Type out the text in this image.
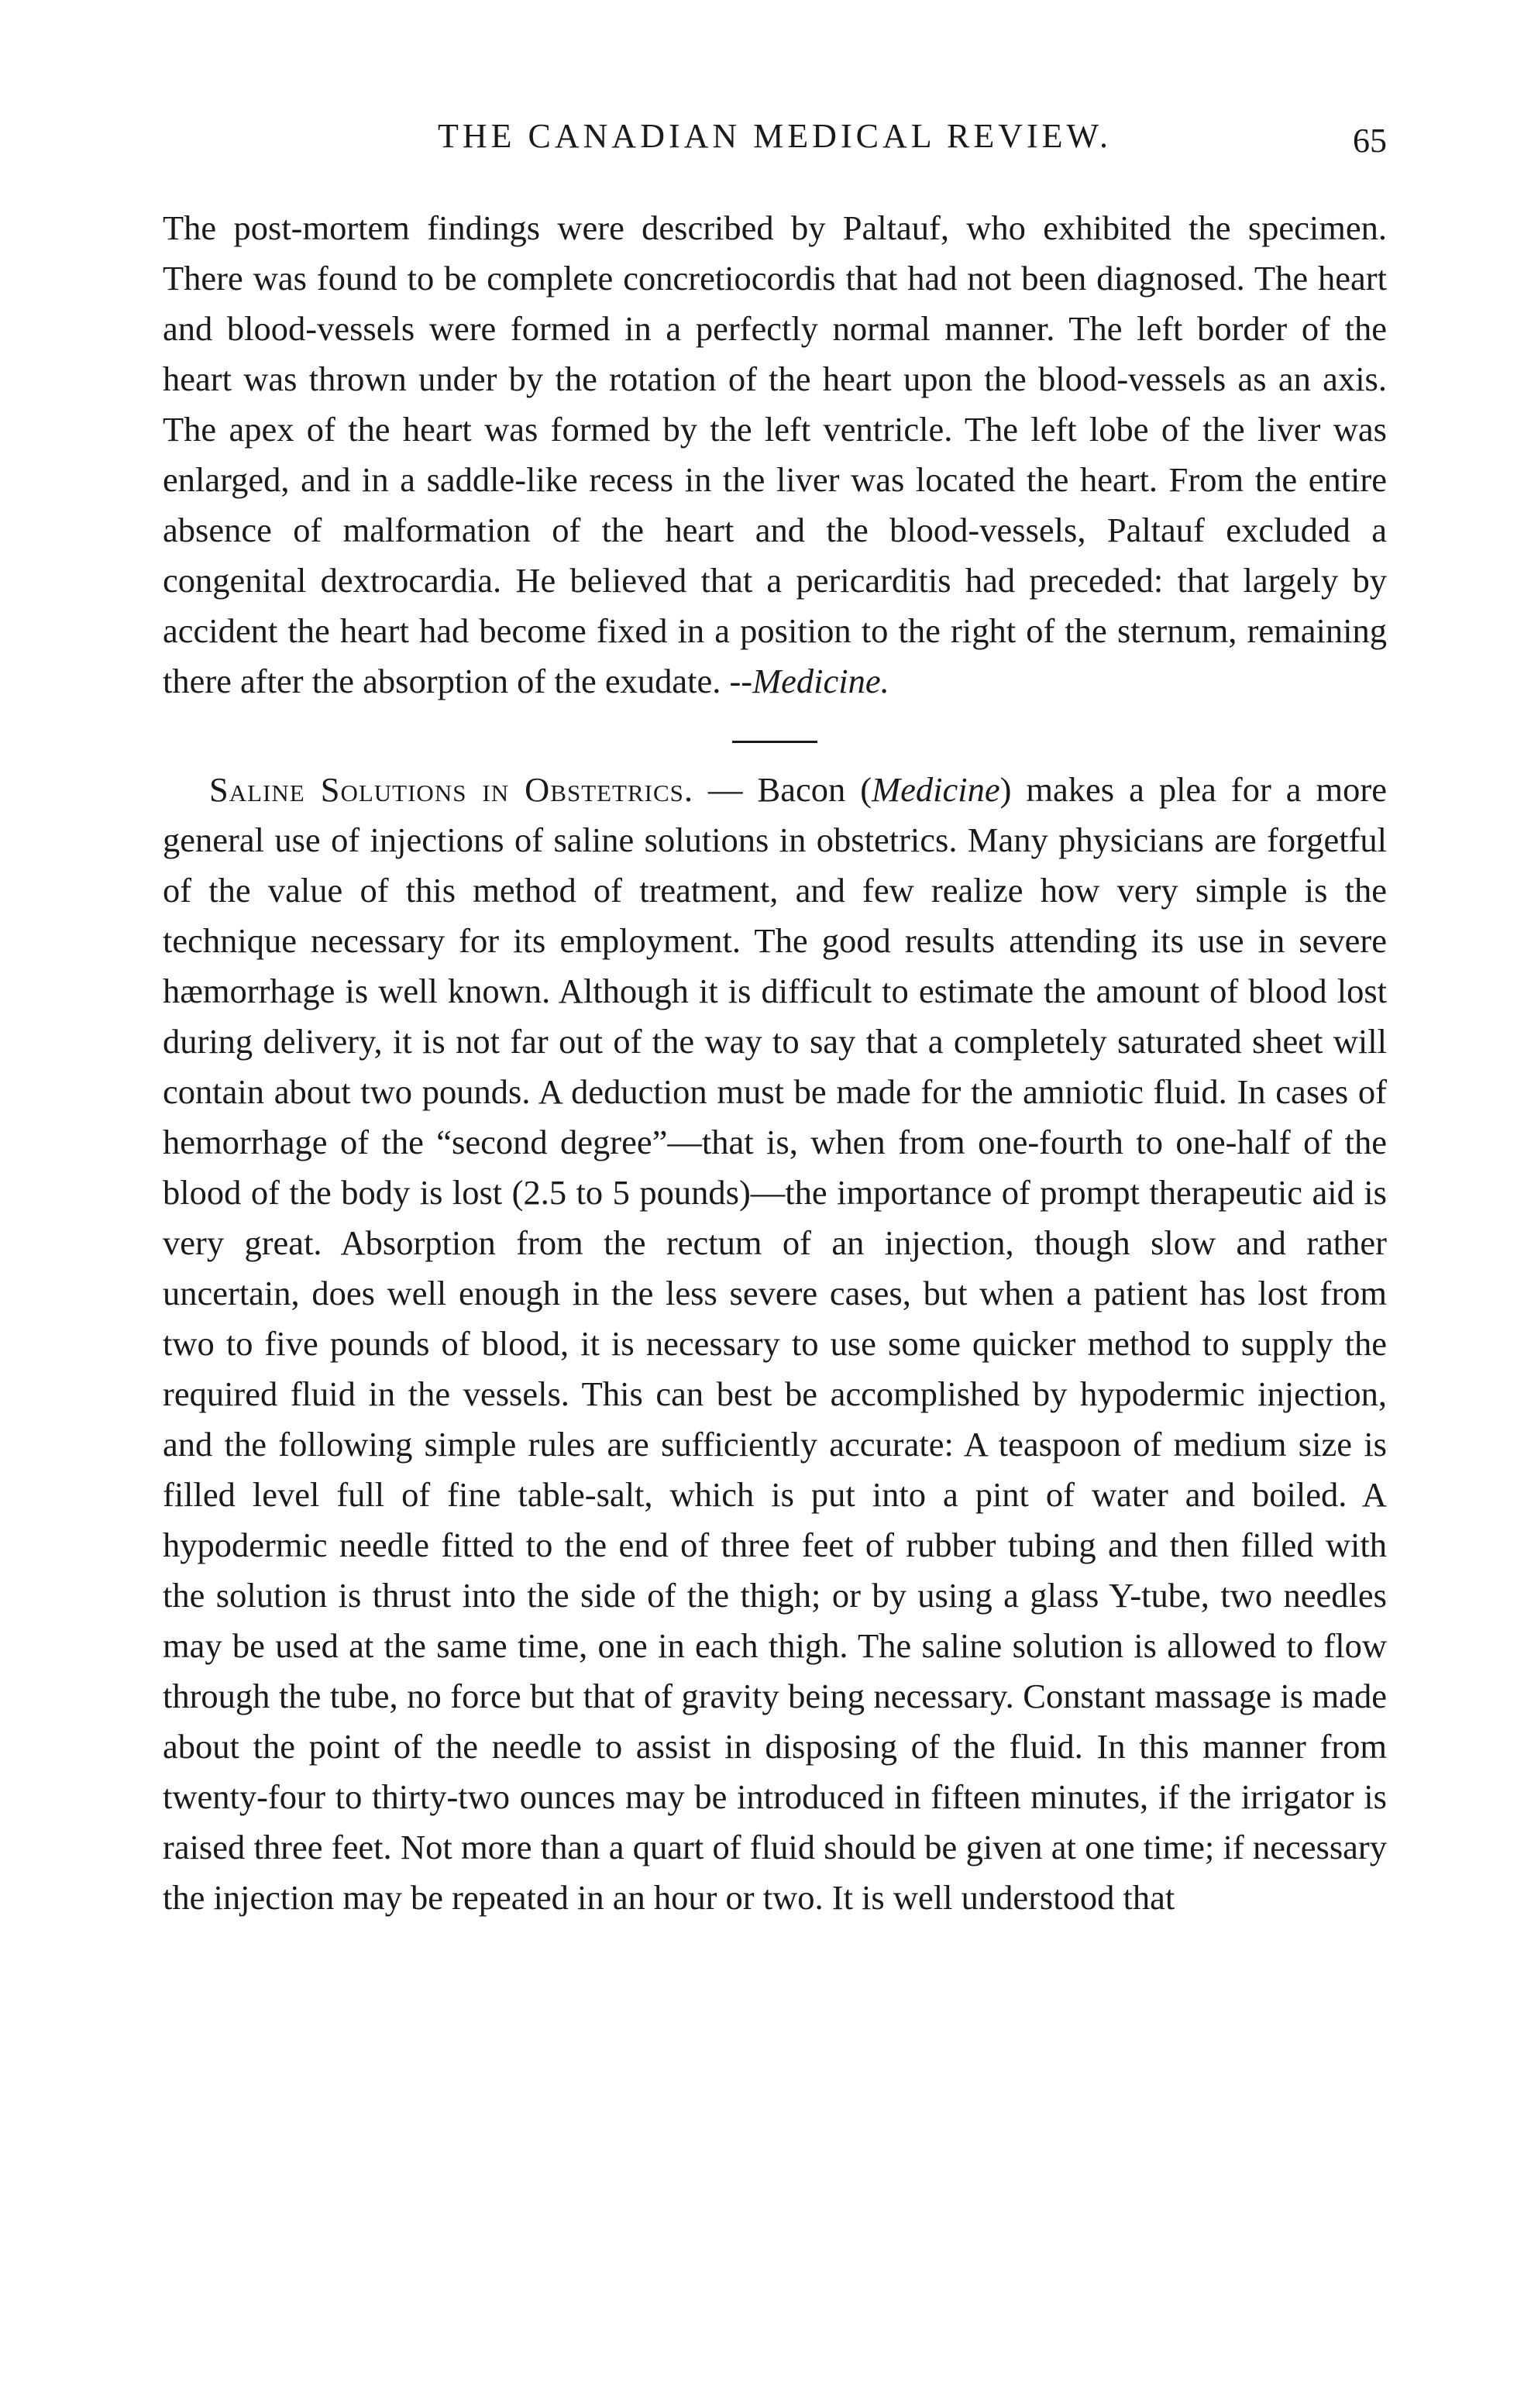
THE CANADIAN MEDICAL REVIEW.	65

The post-mortem findings were described by Paltauf, who exhibited the specimen. There was found to be complete concretiocordis that had not been diagnosed. The heart and blood-vessels were formed in a perfectly normal manner. The left border of the heart was thrown under by the rotation of the heart upon the blood-vessels as an axis. The apex of the heart was formed by the left ventricle. The left lobe of the liver was enlarged, and in a saddle-like recess in the liver was located the heart. From the entire absence of malformation of the heart and the blood-vessels, Paltauf excluded a congenital dextrocardia. He believed that a pericarditis had preceded: that largely by accident the heart had become fixed in a position to the right of the sternum, remaining there after the absorption of the exudate. --Medicine.

Saline Solutions in Obstetrics. — Bacon (Medicine) makes a plea for a more general use of injections of saline solutions in obstetrics. Many physicians are forgetful of the value of this method of treatment, and few realize how very simple is the technique necessary for its employment. The good results attending its use in severe hæmorrhage is well known. Although it is difficult to estimate the amount of blood lost during delivery, it is not far out of the way to say that a completely saturated sheet will contain about two pounds. A deduction must be made for the amniotic fluid. In cases of hemorrhage of the “second degree”—that is, when from one-fourth to one-half of the blood of the body is lost (2.5 to 5 pounds)—the importance of prompt therapeutic aid is very great. Absorption from the rectum of an injection, though slow and rather uncertain, does well enough in the less severe cases, but when a patient has lost from two to five pounds of blood, it is necessary to use some quicker method to supply the required fluid in the vessels. This can best be accomplished by hypodermic injection, and the following simple rules are sufficiently accurate: A teaspoon of medium size is filled level full of fine table-salt, which is put into a pint of water and boiled. A hypodermic needle fitted to the end of three feet of rubber tubing and then filled with the solution is thrust into the side of the thigh; or by using a glass Y-tube, two needles may be used at the same time, one in each thigh. The saline solution is allowed to flow through the tube, no force but that of gravity being necessary. Constant massage is made about the point of the needle to assist in disposing of the fluid. In this manner from twenty-four to thirty-two ounces may be introduced in fifteen minutes, if the irrigator is raised three feet. Not more than a quart of fluid should be given at one time; if necessary the injection may be repeated in an hour or two. It is well understood that
